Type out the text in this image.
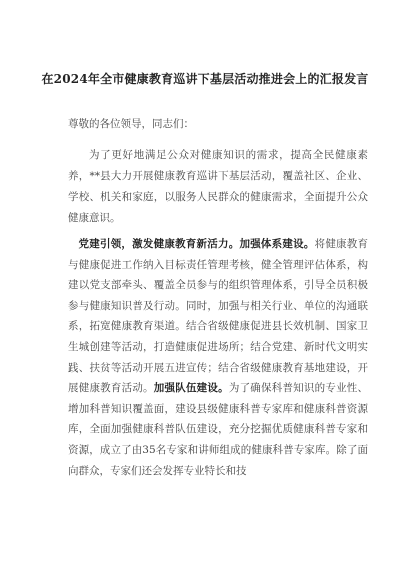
在2024年全市健康教育巡讲下基层活动推进会上的汇报发言
尊敬的各位领导，同志们：
为了更好地满足公众对健康知识的需求，提高全民健康素养，**县大力开展健康教育巡讲下基层活动，覆盖社区、企业、学校、机关和家庭，以服务人民群众的健康需求，全面提升公众健康意识。
党建引领，激发健康教育新活力。加强体系建设。将健康教育与健康促进工作纳入目标责任管理考核，健全管理评估体系，构建以党支部牵头、覆盖全员参与的组织管理体系，引导全员积极参与健康知识普及行动。同时，加强与相关行业、单位的沟通联系，拓宽健康教育渠道。结合省级健康促进县长效机制、国家卫生城创建等活动，打造健康促进场所；结合党建、新时代文明实践、扶贫等活动开展五进宣传；结合省级健康教育基地建设，开展健康教育活动。加强队伍建设。为了确保科普知识的专业性、增加科普知识覆盖面，建设县级健康科普专家库和健康科普资源库，全面加强健康科普队伍建设，充分挖掘优质健康科普专家和资源，成立了由35名专家和讲师组成的健康科普专家库。除了面向群众，专家们还会发挥专业特长和技
